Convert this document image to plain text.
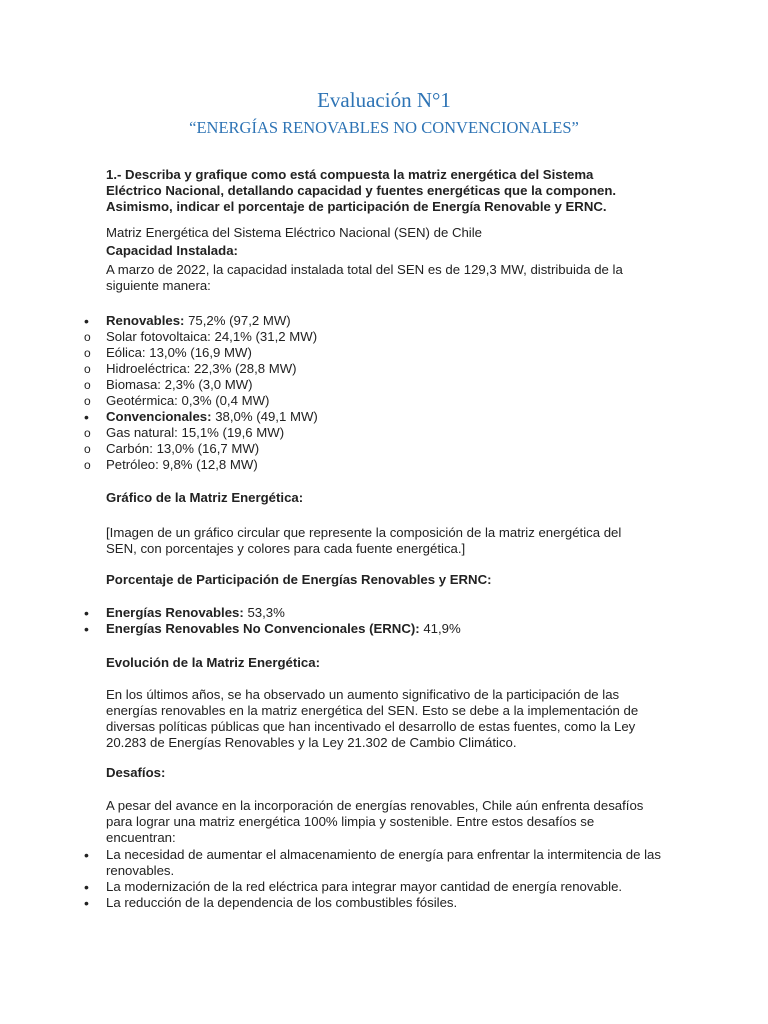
Evaluación N°1
“ENERGÍAS RENOVABLES NO CONVENCIONALES”

1.- Describa y grafique como está compuesta la matriz energética del Sistema Eléctrico Nacional, detallando capacidad y fuentes energéticas que la componen. Asimismo, indicar el porcentaje de participación de Energía Renovable y ERNC.

Matriz Energética del Sistema Eléctrico Nacional (SEN) de Chile

Capacidad Instalada:

A marzo de 2022, la capacidad instalada total del SEN es de 129,3 MW, distribuida de la siguiente manera:

•
Renovables: 75,2% (97,2 MW)
o
Solar fotovoltaica: 24,1% (31,2 MW)
o
Eólica: 13,0% (16,9 MW)
o
Hidroeléctrica: 22,3% (28,8 MW)
o
Biomasa: 2,3% (3,0 MW)
o
Geotérmica: 0,3% (0,4 MW)
•
Convencionales: 38,0% (49,1 MW)
o
Gas natural: 15,1% (19,6 MW)
o
Carbón: 13,0% (16,7 MW)
o
Petróleo: 9,8% (12,8 MW)

Gráfico de la Matriz Energética:

[Imagen de un gráfico circular que represente la composición de la matriz energética del SEN, con porcentajes y colores para cada fuente energética.]

Porcentaje de Participación de Energías Renovables y ERNC:

•
Energías Renovables: 53,3%
•
Energías Renovables No Convencionales (ERNC): 41,9%

Evolución de la Matriz Energética:

En los últimos años, se ha observado un aumento significativo de la participación de las energías renovables en la matriz energética del SEN. Esto se debe a la implementación de diversas políticas públicas que han incentivado el desarrollo de estas fuentes, como la Ley 20.283 de Energías Renovables y la Ley 21.302 de Cambio Climático.

Desafíos:

A pesar del avance en la incorporación de energías renovables, Chile aún enfrenta desafíos para lograr una matriz energética 100% limpia y sostenible. Entre estos desafíos se encuentran:

•
La necesidad de aumentar el almacenamiento de energía para enfrentar la intermitencia de las renovables.
•
La modernización de la red eléctrica para integrar mayor cantidad de energía renovable.
•
La reducción de la dependencia de los combustibles fósiles.
